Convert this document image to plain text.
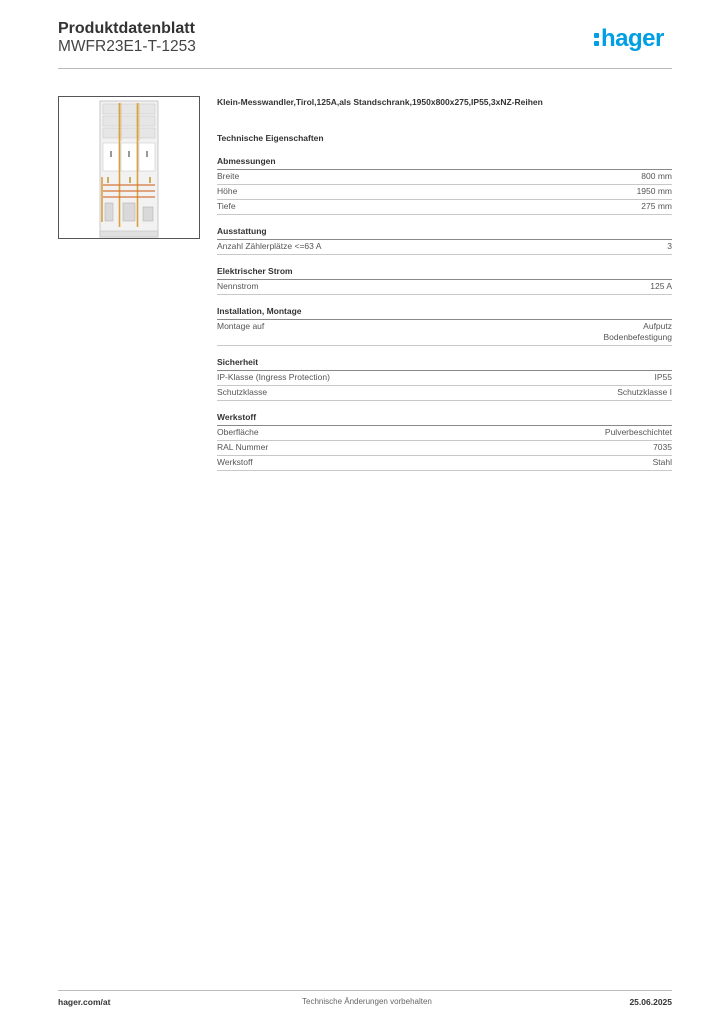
Produktdatenblatt
MWFR23E1-T-1253	hager
Klein-Messwandler,Tirol,125A,als Standschrank,1950x800x275,IP55,3xNZ-Reihen
Technische Eigenschaften
Abmessungen
Breite	800 mm
Höhe	1950 mm
Tiefe	275 mm
Ausstattung
Anzahl Zählerplätze <=63 A	3
Elektrischer Strom
Nennstrom	125 A
Installation, Montage
Montage auf	Aufputz
Bodenbefestigung
Sicherheit
IP-Klasse (Ingress Protection)	IP55
Schutzklasse	Schutzklasse I
Werkstoff
Oberfläche	Pulverbeschichtet
RAL Nummer	7035
Werkstoff	Stahl
hager.com/at	Technische Änderungen vorbehalten	25.06.2025
